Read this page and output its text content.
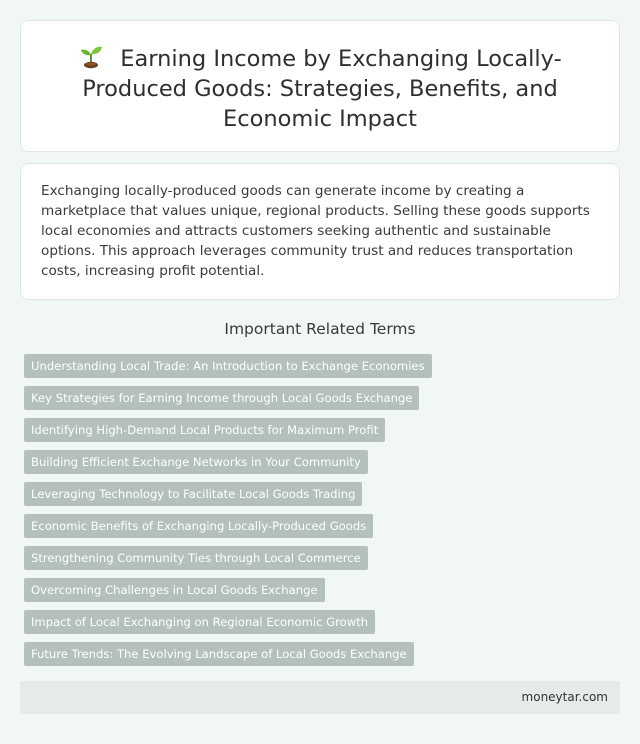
Earning Income by Exchanging Locally-Produced Goods: Strategies, Benefits, and Economic Impact

Exchanging locally-produced goods can generate income by creating a marketplace that values unique, regional products. Selling these goods supports local economies and attracts customers seeking authentic and sustainable options. This approach leverages community trust and reduces transportation costs, increasing profit potential.

Important Related Terms
Understanding Local Trade: An Introduction to Exchange Economies
Key Strategies for Earning Income through Local Goods Exchange
Identifying High-Demand Local Products for Maximum Profit
Building Efficient Exchange Networks in Your Community
Leveraging Technology to Facilitate Local Goods Trading
Economic Benefits of Exchanging Locally-Produced Goods
Strengthening Community Ties through Local Commerce
Overcoming Challenges in Local Goods Exchange
Impact of Local Exchanging on Regional Economic Growth
Future Trends: The Evolving Landscape of Local Goods Exchange
moneytar.com
